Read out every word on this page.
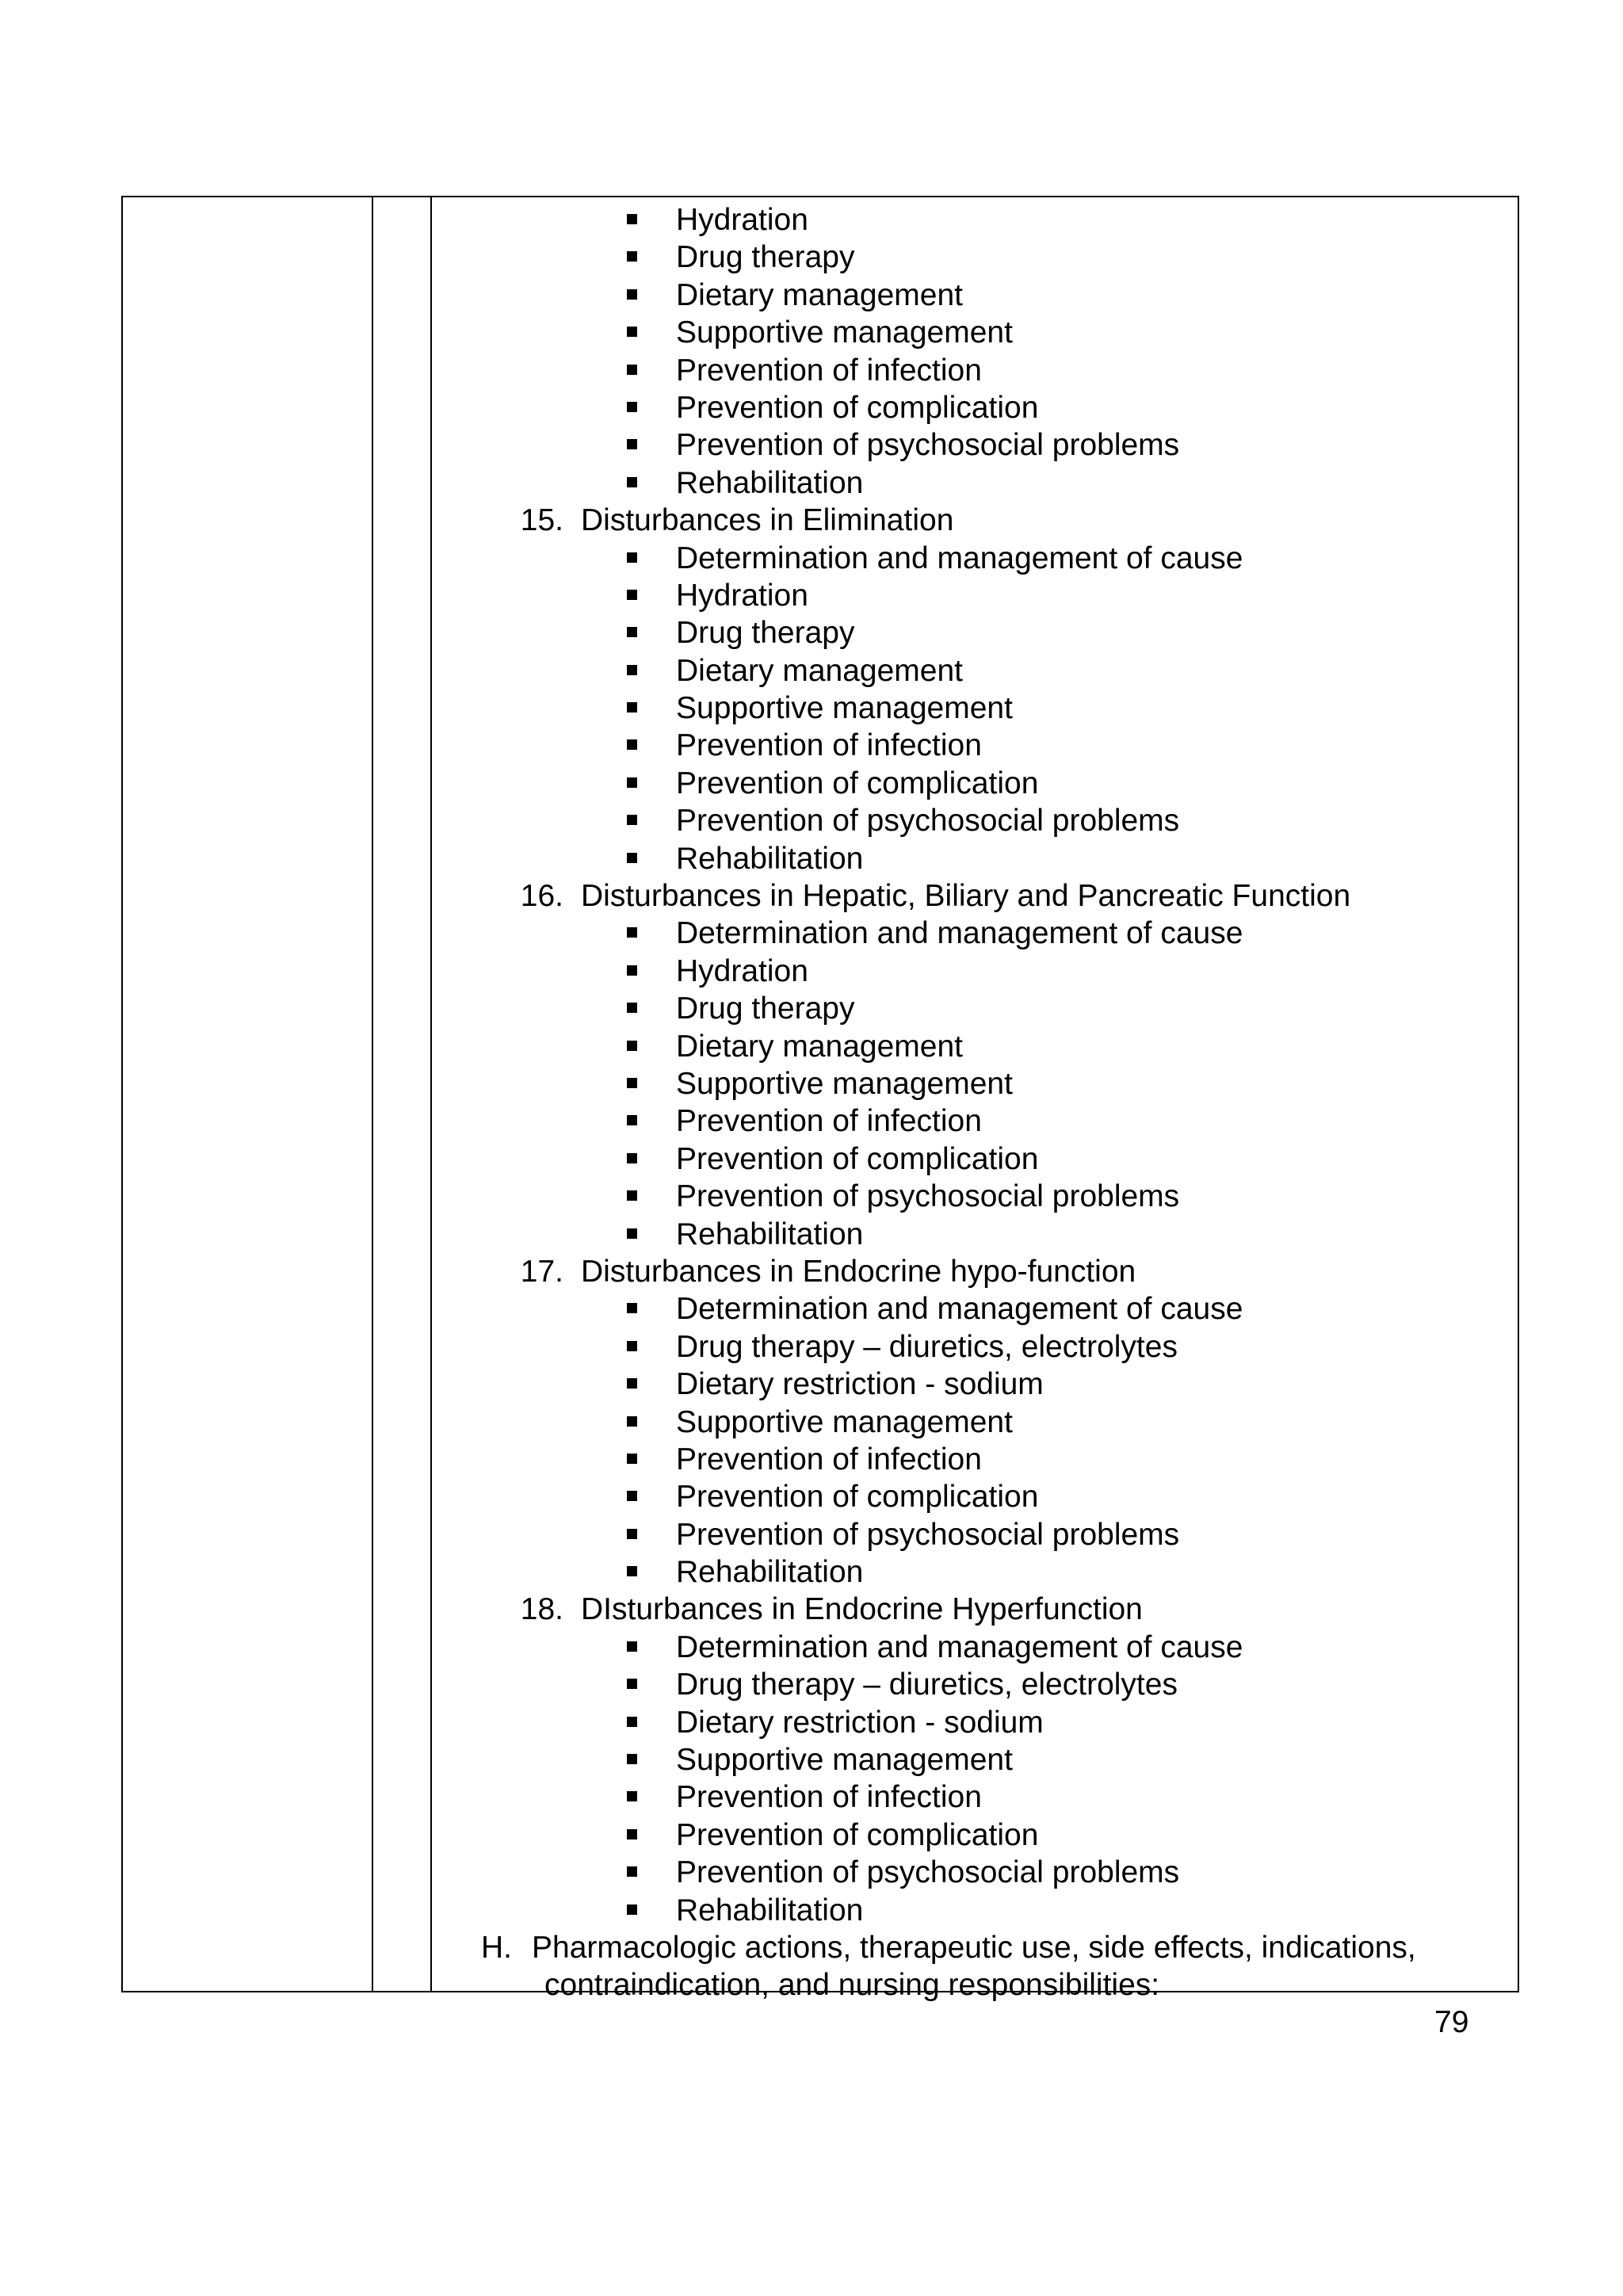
Hydration
Drug therapy
Dietary management
Supportive management
Prevention of infection
Prevention of complication
Prevention of psychosocial problems
Rehabilitation
15. Disturbances in Elimination
Determination and management of cause
Hydration
Drug therapy
Dietary management
Supportive management
Prevention of infection
Prevention of complication
Prevention of psychosocial problems
Rehabilitation
16. Disturbances in Hepatic, Biliary and Pancreatic Function
Determination and management of cause
Hydration
Drug therapy
Dietary management
Supportive management
Prevention of infection
Prevention of complication
Prevention of psychosocial problems
Rehabilitation
17. Disturbances in Endocrine hypo-function
Determination and management of cause
Drug therapy – diuretics, electrolytes
Dietary restriction - sodium
Supportive management
Prevention of infection
Prevention of complication
Prevention of psychosocial problems
Rehabilitation
18. DIsturbances in Endocrine Hyperfunction
Determination and management of cause
Drug therapy – diuretics, electrolytes
Dietary restriction - sodium
Supportive management
Prevention of infection
Prevention of complication
Prevention of psychosocial problems
Rehabilitation
H. Pharmacologic actions, therapeutic use, side effects, indications,
contraindication, and nursing responsibilities:
79
